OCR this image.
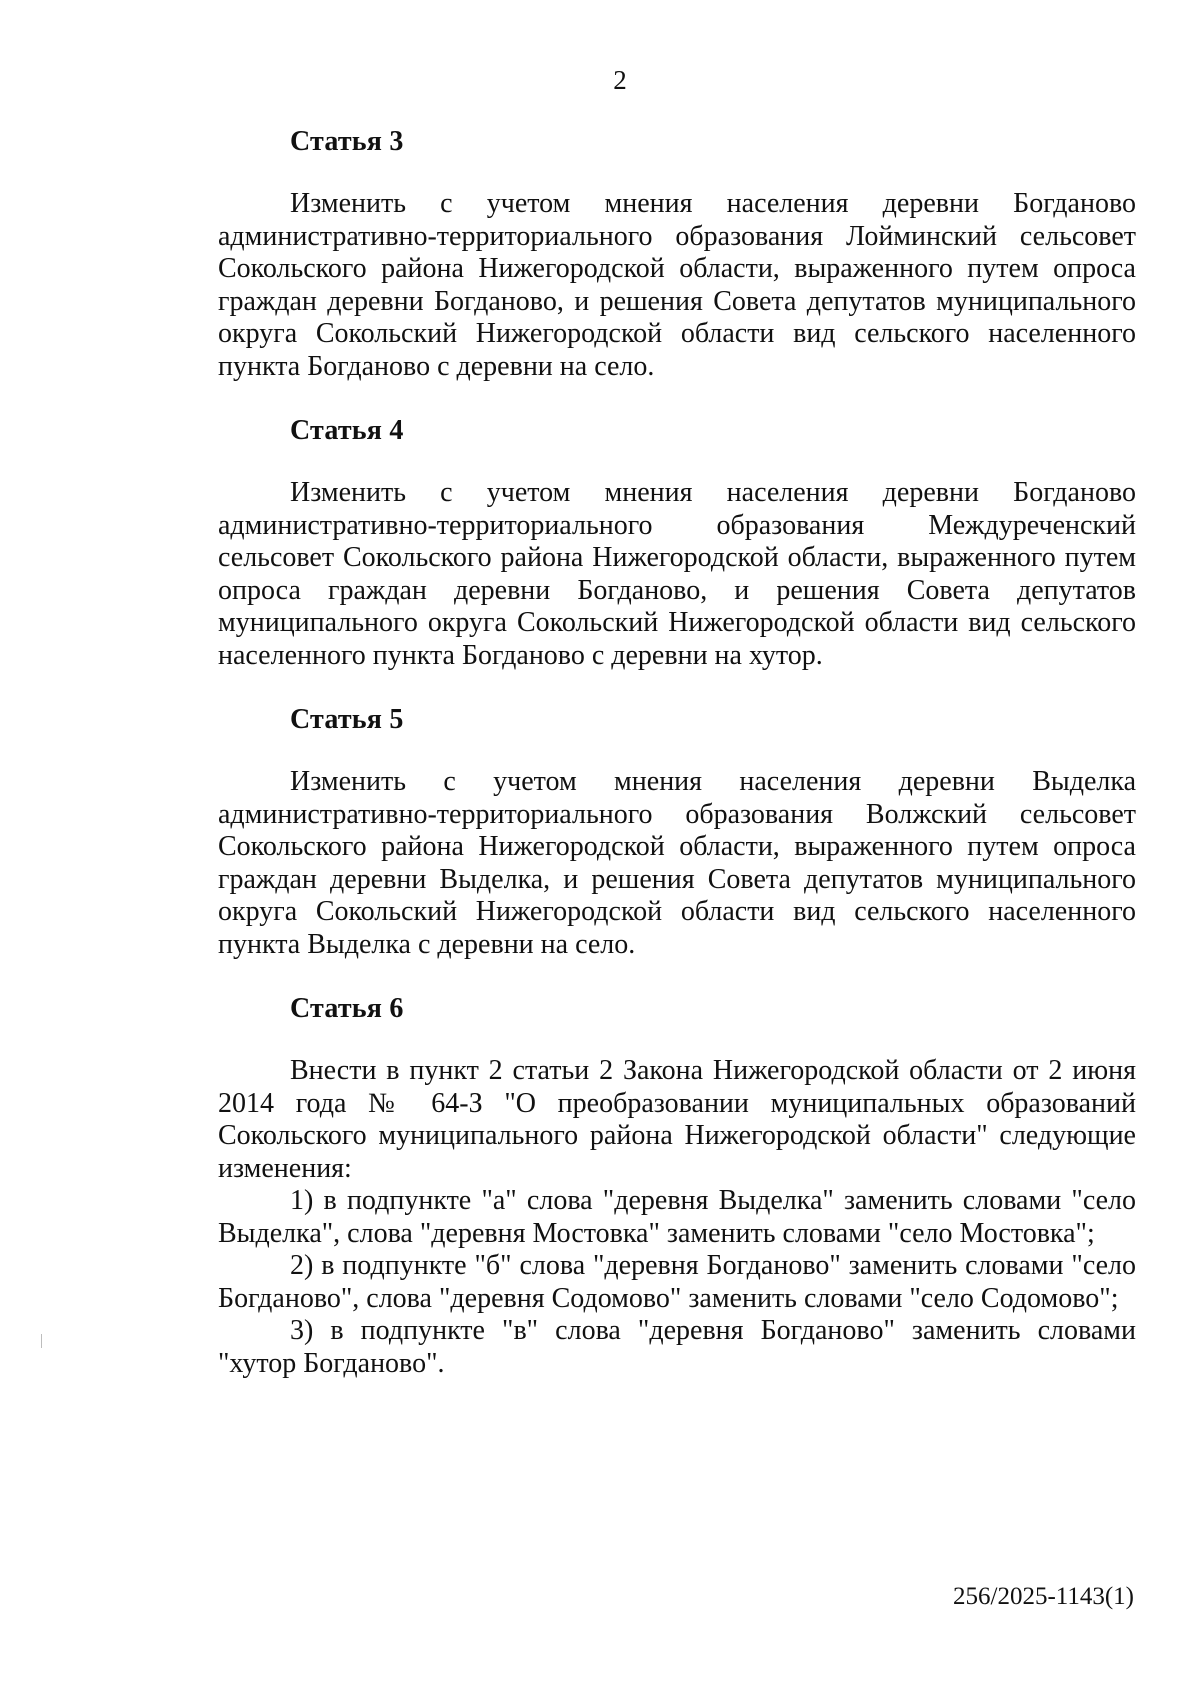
2
Статья 3

Изменить с учетом мнения населения деревни Богданово административно-территориального образования Лойминский сельсовет Сокольского района Нижегородской области, выраженного путем опроса граждан деревни Богданово, и решения Совета депутатов муниципального округа Сокольский Нижегородской области вид сельского населенного пункта Богданово с деревни на село.

Статья 4

Изменить с учетом мнения населения деревни Богданово административно-территориального образования Междуреченский сельсовет Сокольского района Нижегородской области, выраженного путем опроса граждан деревни Богданово, и решения Совета депутатов муниципального округа Сокольский Нижегородской области вид сельского населенного пункта Богданово с деревни на хутор.

Статья 5

Изменить с учетом мнения населения деревни Выделка административно-территориального образования Волжский сельсовет Сокольского района Нижегородской области, выраженного путем опроса граждан деревни Выделка, и решения Совета депутатов муниципального округа Сокольский Нижегородской области вид сельского населенного пункта Выделка с деревни на село.

Статья 6

Внести в пункт 2 статьи 2 Закона Нижегородской области от 2 июня 2014 года № 64-З "О преобразовании муниципальных образований Сокольского муниципального района Нижегородской области" следующие изменения:

1) в подпункте "а" слова "деревня Выделка" заменить словами "село Выделка", слова "деревня Мостовка" заменить словами "село Мостовка";

2) в подпункте "б" слова "деревня Богданово" заменить словами "село Богданово", слова "деревня Содомово" заменить словами "село Содомово";

3) в подпункте "в" слова "деревня Богданово" заменить словами "хутор Богданово".

256/2025-1143(1)
